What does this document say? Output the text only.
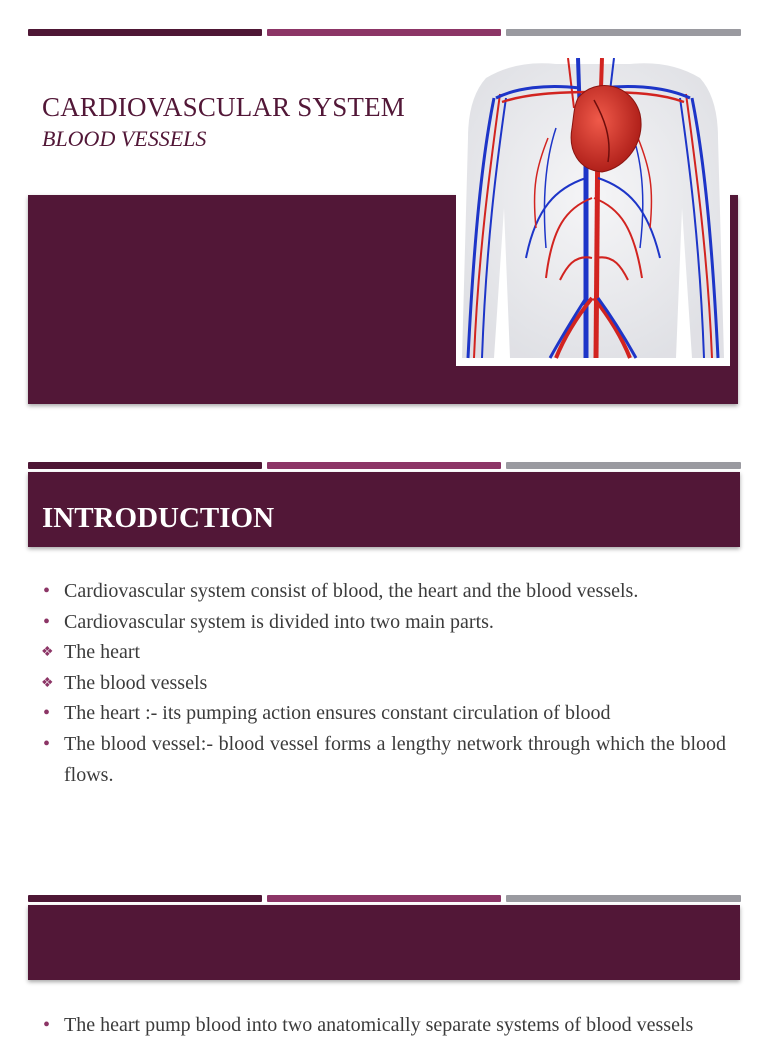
CARDIOVASCULAR SYSTEM
BLOOD VESSELS
INTRODUCTION
• Cardiovascular system consist of blood, the heart and the blood vessels.
• Cardiovascular system is divided into two main parts.
❖ The heart
❖ The blood vessels
• The heart :- its pumping action ensures constant circulation of blood
• The blood vessel:- blood vessel forms a lengthy network through which the blood flows.
• The heart pump blood into two anatomically separate systems of blood vessels
